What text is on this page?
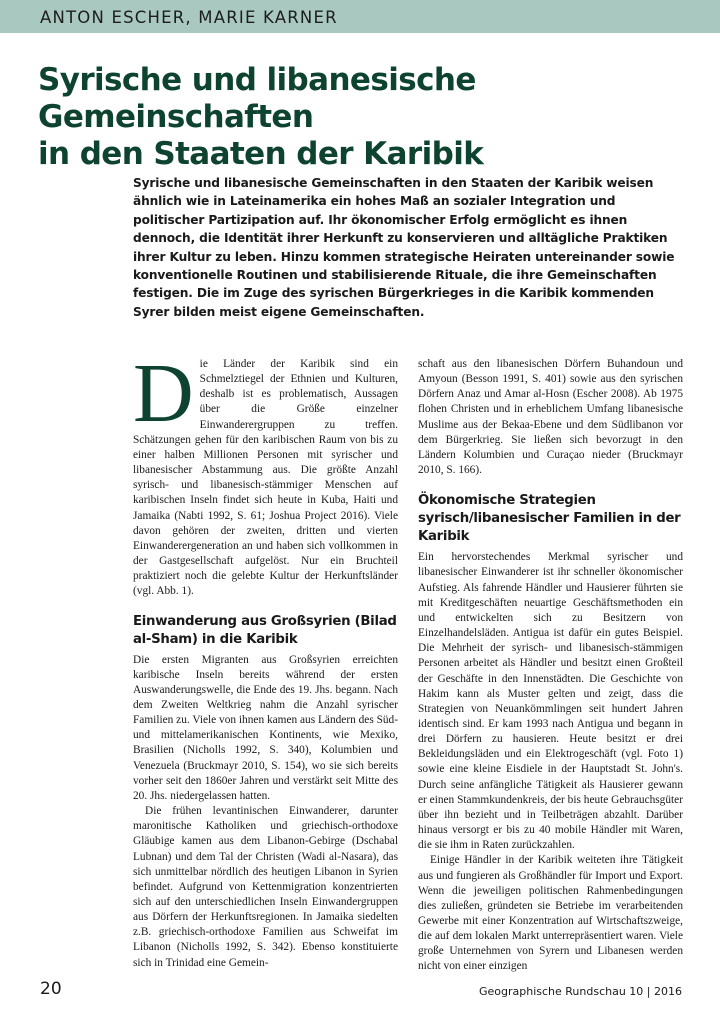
ANTON ESCHER, MARIE KARNER
Syrische und libanesische Gemeinschaften
in den Staaten der Karibik

Syrische und libanesische Gemeinschaften in den Staaten der Karibik weisen ähnlich wie in Lateinamerika ein hohes Maß an sozialer Integration und politischer Partizipation auf. Ihr ökonomischer Erfolg ermöglicht es ihnen dennoch, die Identität ihrer Herkunft zu konservieren und alltägliche Praktiken ihrer Kultur zu leben. Hinzu kommen strategische Heiraten untereinander sowie konventionelle Routinen und stabilisierende Rituale, die ihre Gemeinschaften festigen. Die im Zuge des syrischen Bürgerkrieges in die Karibik kommenden Syrer bilden meist eigene Gemeinschaften.

Die Länder der Karibik sind ein Schmelztiegel der Ethnien und Kulturen, deshalb ist es problematisch, Aussagen über die Größe einzelner Einwanderergruppen zu treffen. Schätzungen gehen für den karibischen Raum von bis zu einer halben Millionen Personen mit syrischer und libanesischer Abstammung aus. Die größte Anzahl syrisch- und libanesisch-stämmiger Menschen auf karibischen Inseln findet sich heute in Kuba, Haiti und Jamaika (Nabti 1992, S. 61; Joshua Project 2016). Viele davon gehören der zweiten, dritten und vierten Einwanderergeneration an und haben sich vollkommen in der Gastgesellschaft aufgelöst. Nur ein Bruchteil praktiziert noch die gelebte Kultur der Herkunftsländer (vgl. Abb. 1).

Einwanderung aus Großsyrien (Bilad al-Sham) in die Karibik

Die ersten Migranten aus Großsyrien erreichten karibische Inseln bereits während der ersten Auswanderungswelle, die Ende des 19. Jhs. begann. Nach dem Zweiten Weltkrieg nahm die Anzahl syrischer Familien zu. Viele von ihnen kamen aus Ländern des Süd- und mittelamerikanischen Kontinents, wie Mexiko, Brasilien (Nicholls 1992, S. 340), Kolumbien und Venezuela (Bruckmayr 2010, S. 154), wo sie sich bereits vorher seit den 1860er Jahren und verstärkt seit Mitte des 20. Jhs. niedergelassen hatten.

Die frühen levantinischen Einwanderer, darunter maronitische Katholiken und griechisch-orthodoxe Gläubige kamen aus dem Libanon-Gebirge (Dschabal Lubnan) und dem Tal der Christen (Wadi al-Nasara), das sich unmittelbar nördlich des heutigen Libanon in Syrien befindet. Aufgrund von Kettenmigration konzentrierten sich auf den unterschiedlichen Inseln Einwandergruppen aus Dörfern der Herkunftsregionen. In Jamaika siedelten z.B. griechisch-orthodoxe Familien aus Schweifat im Libanon (Nicholls 1992, S. 342). Ebenso konstituierte sich in Trinidad eine Gemein-

schaft aus den libanesischen Dörfern Buhandoun und Amyoun (Besson 1991, S. 401) sowie aus den syrischen Dörfern Anaz und Amar al-Hosn (Escher 2008). Ab 1975 flohen Christen und in erheblichem Umfang libanesische Muslime aus der Bekaa-Ebene und dem Südlibanon vor dem Bürgerkrieg. Sie ließen sich bevorzugt in den Ländern Kolumbien und Curaçao nieder (Bruckmayr 2010, S. 166).

Ökonomische Strategien syrisch/libanesischer Familien in der Karibik

Ein hervorstechendes Merkmal syrischer und libanesischer Einwanderer ist ihr schneller ökonomischer Aufstieg. Als fahrende Händler und Hausierer führten sie mit Kreditgeschäften neuartige Geschäftsmethoden ein und entwickelten sich zu Besitzern von Einzelhandelsläden. Antigua ist dafür ein gutes Beispiel. Die Mehrheit der syrisch- und libanesisch-stämmigen Personen arbeitet als Händler und besitzt einen Großteil der Geschäfte in den Innenstädten. Die Geschichte von Hakim kann als Muster gelten und zeigt, dass die Strategien von Neuankömmlingen seit hundert Jahren identisch sind. Er kam 1993 nach Antigua und begann in drei Dörfern zu hausieren. Heute besitzt er drei Bekleidungsläden und ein Elektrogeschäft (vgl. Foto 1) sowie eine kleine Eisdiele in der Hauptstadt St. John's. Durch seine anfängliche Tätigkeit als Hausierer gewann er einen Stammkundenkreis, der bis heute Gebrauchsgüter über ihn bezieht und in Teilbeträgen abzahlt. Darüber hinaus versorgt er bis zu 40 mobile Händler mit Waren, die sie ihm in Raten zurückzahlen.

Einige Händler in der Karibik weiteten ihre Tätigkeit aus und fungieren als Großhändler für Import und Export. Wenn die jeweiligen politischen Rahmenbedingungen dies zuließen, gründeten sie Betriebe im verarbeitenden Gewerbe mit einer Konzentration auf Wirtschaftszweige, die auf dem lokalen Markt unterrepräsentiert waren. Viele große Unternehmen von Syrern und Libanesen werden nicht von einer einzigen

20	Geographische Rundschau 10 | 2016
